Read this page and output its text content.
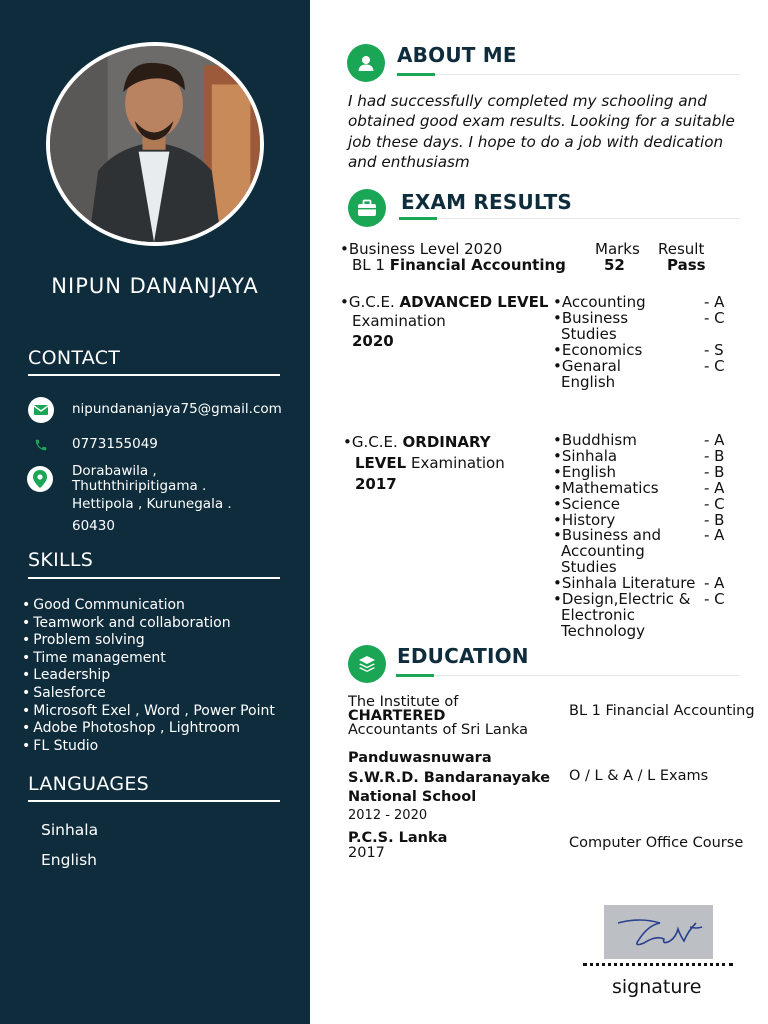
NIPUN DANANJAYA
CONTACT
nipundananjaya75@gmail.com
0773155049
Dorabawila ,
Thuththiripitigama .
Hettipola , Kurunegala .
60430
SKILLS
• Good Communication
• Teamwork and collaboration
• Problem solving
• Time management
• Leadership
• Salesforce
• Microsoft Exel , Word , Power Point
• Adobe Photoshop , Lightroom
• FL Studio
LANGUAGES
Sinhala
English
ABOUT ME
I had successfully completed my schooling and obtained good exam results. Looking for a suitable job these days. I hope to do a job with dedication and enthusiasm
EXAM RESULTS
•Business Level 2020
BL 1 Financial Accounting
Marks Result
52	Pass
•G.C.E. ADVANCED LEVEL
Examination
2020
•Accounting
•Business
Studies
•Economics
•Genaral
English
- A
- C
- S
- C
•G.C.E. ORDINARY
LEVEL Examination
2017
•Buddhism
•Sinhala
•English
•Mathematics
•Science
•History
•Business and
Accounting
Studies
•Sinhala Literature
•Design,Electric &
Electronic
Technology
- A
- B
- B
- A
- C
- B
- A
- A
- C
EDUCATION
The Institute of
CHARTERED
Accountants of Sri Lanka
BL 1 Financial Accounting
Panduwasnuwara
S.W.R.D. Bandaranayake
National School
2012 - 2020
O / L & A / L Exams
P.C.S. Lanka
2017
Computer Office Course
signature
